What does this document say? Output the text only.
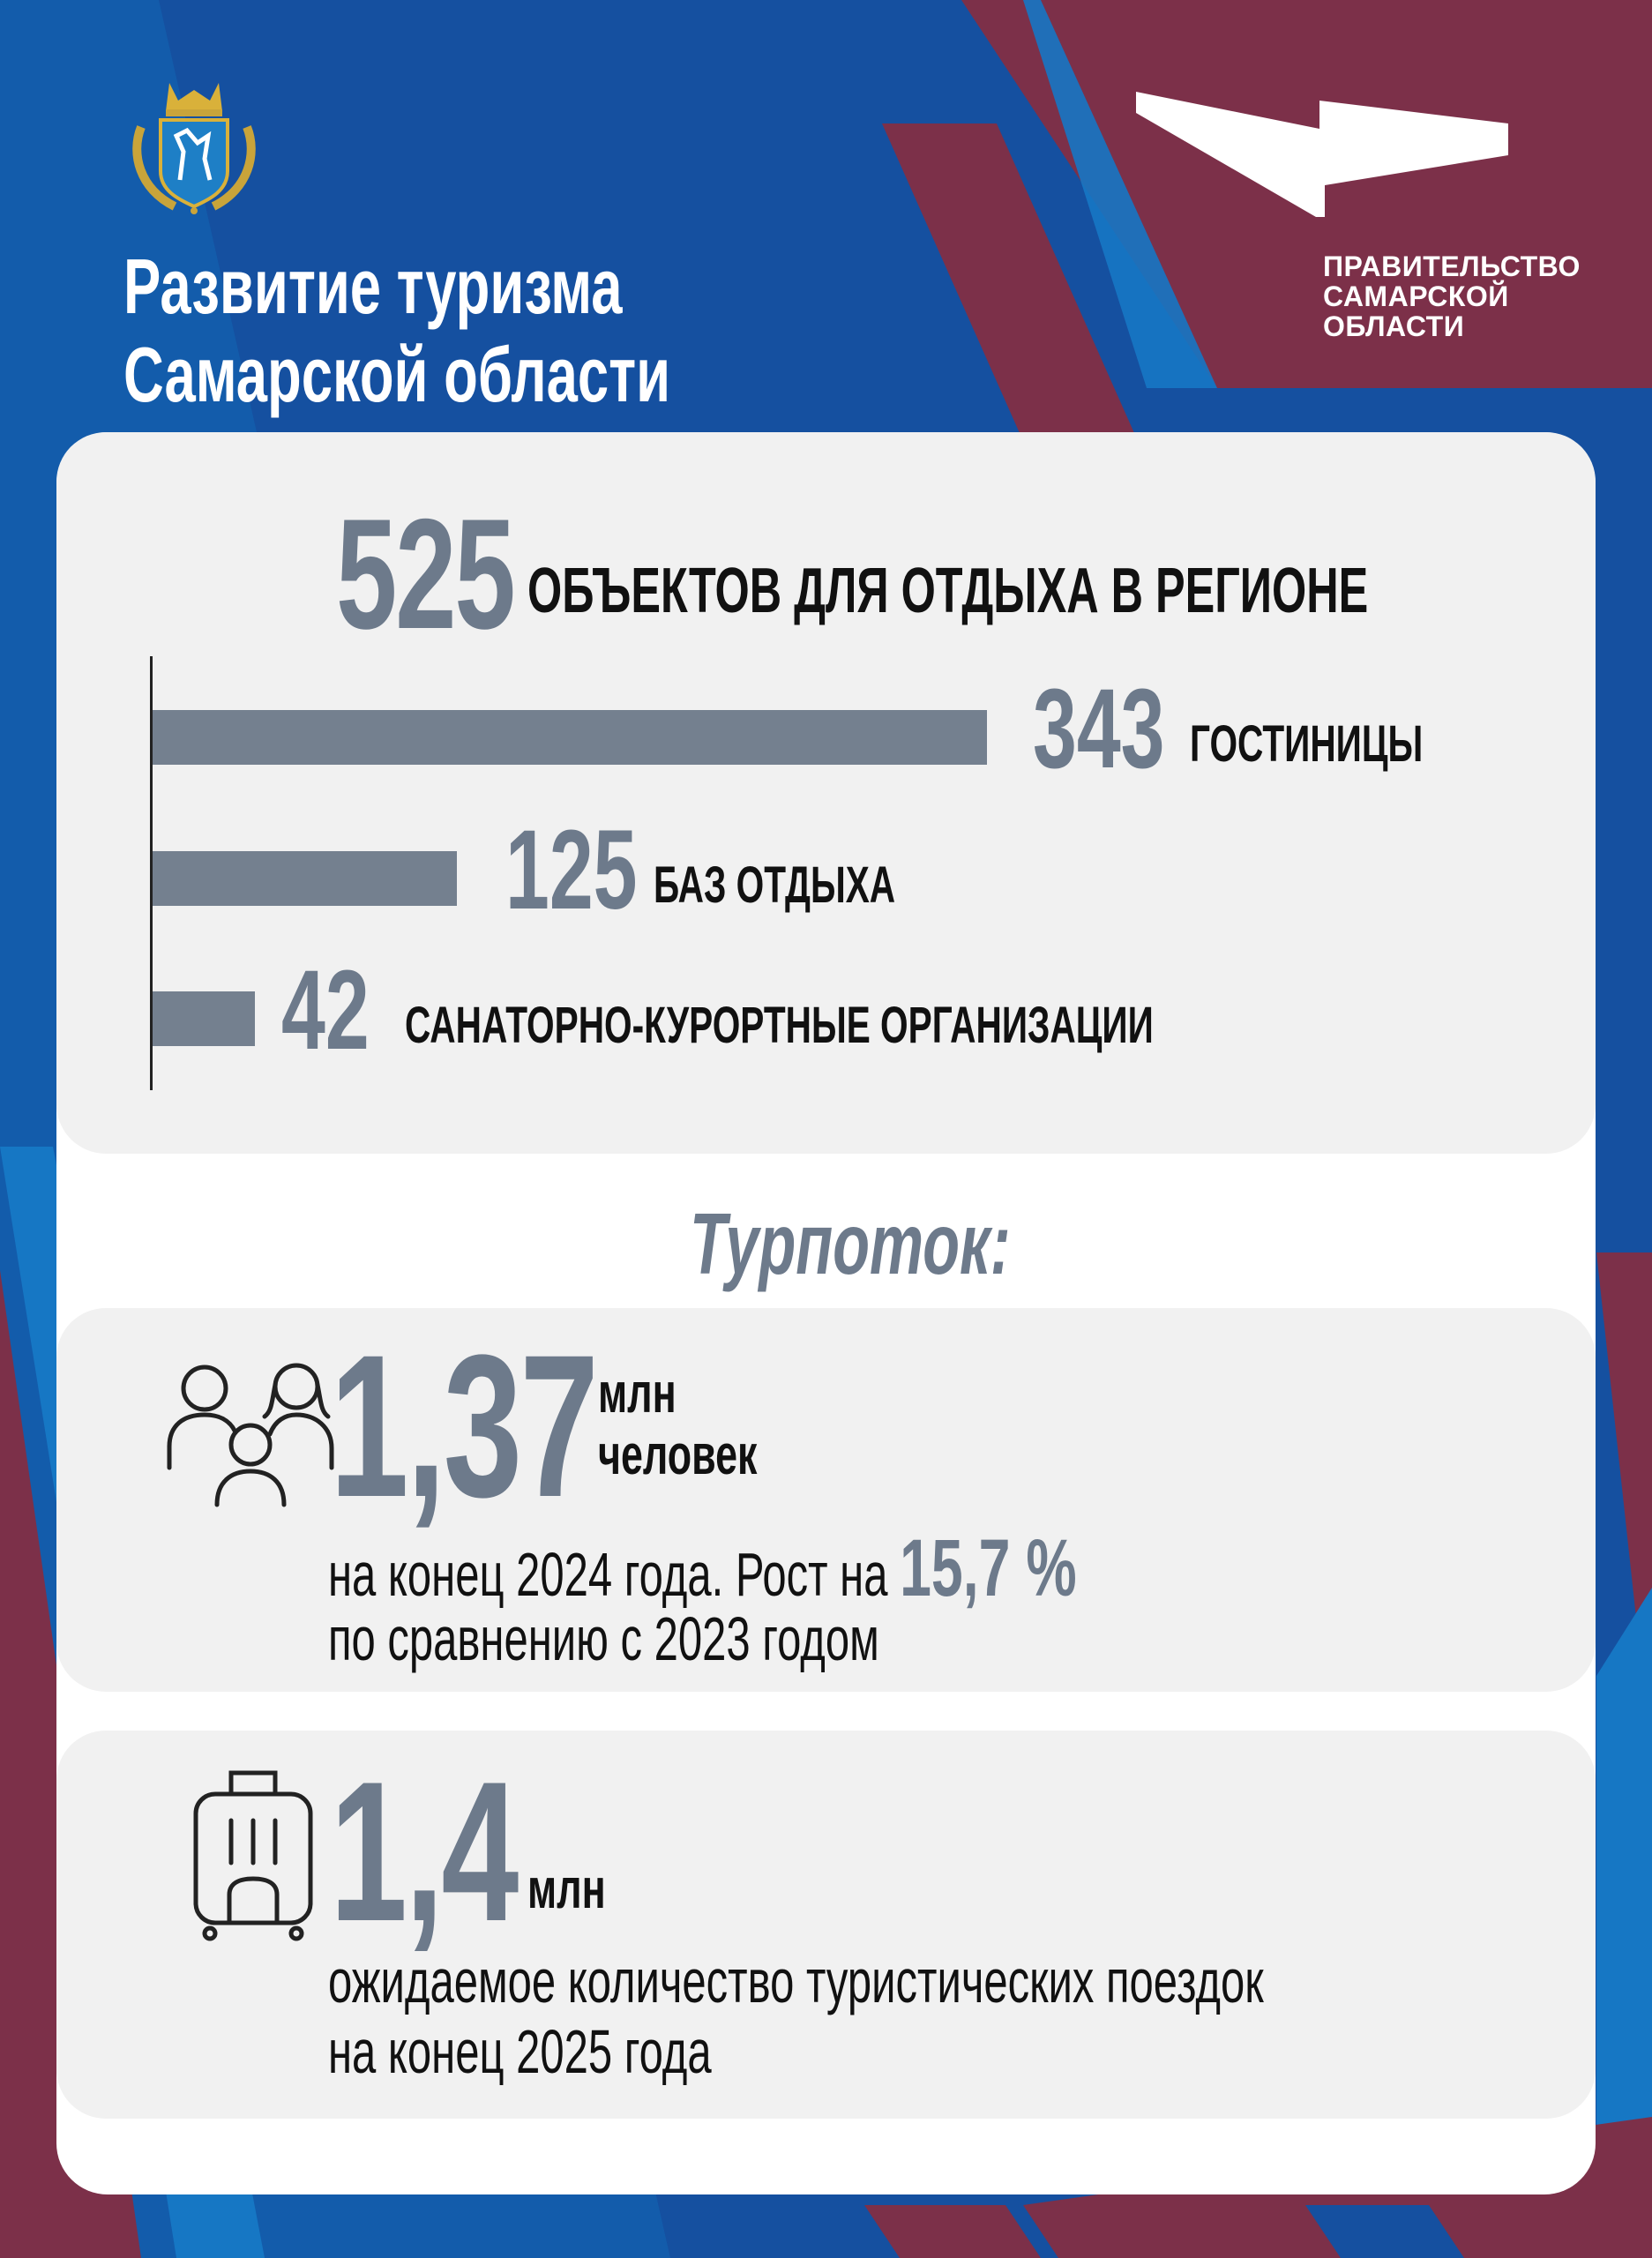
Развитие туризма
Самарской области
ПРАВИТЕЛЬСТВО
САМАРСКОЙ
ОБЛАСТИ
525 ОБЪЕКТОВ ДЛЯ ОТДЫХА В РЕГИОНЕ
343 ГОСТИНИЦЫ
125 БАЗ ОТДЫХА
42 САНАТОРНО-КУРОРТНЫЕ ОРГАНИЗАЦИИ
Турпоток:
1,37 млн
человек
на конец 2024 года. Рост на 15,7 %
по сравнению с 2023 годом
1,4 млн
ожидаемое количество туристических поездок
на конец 2025 года
